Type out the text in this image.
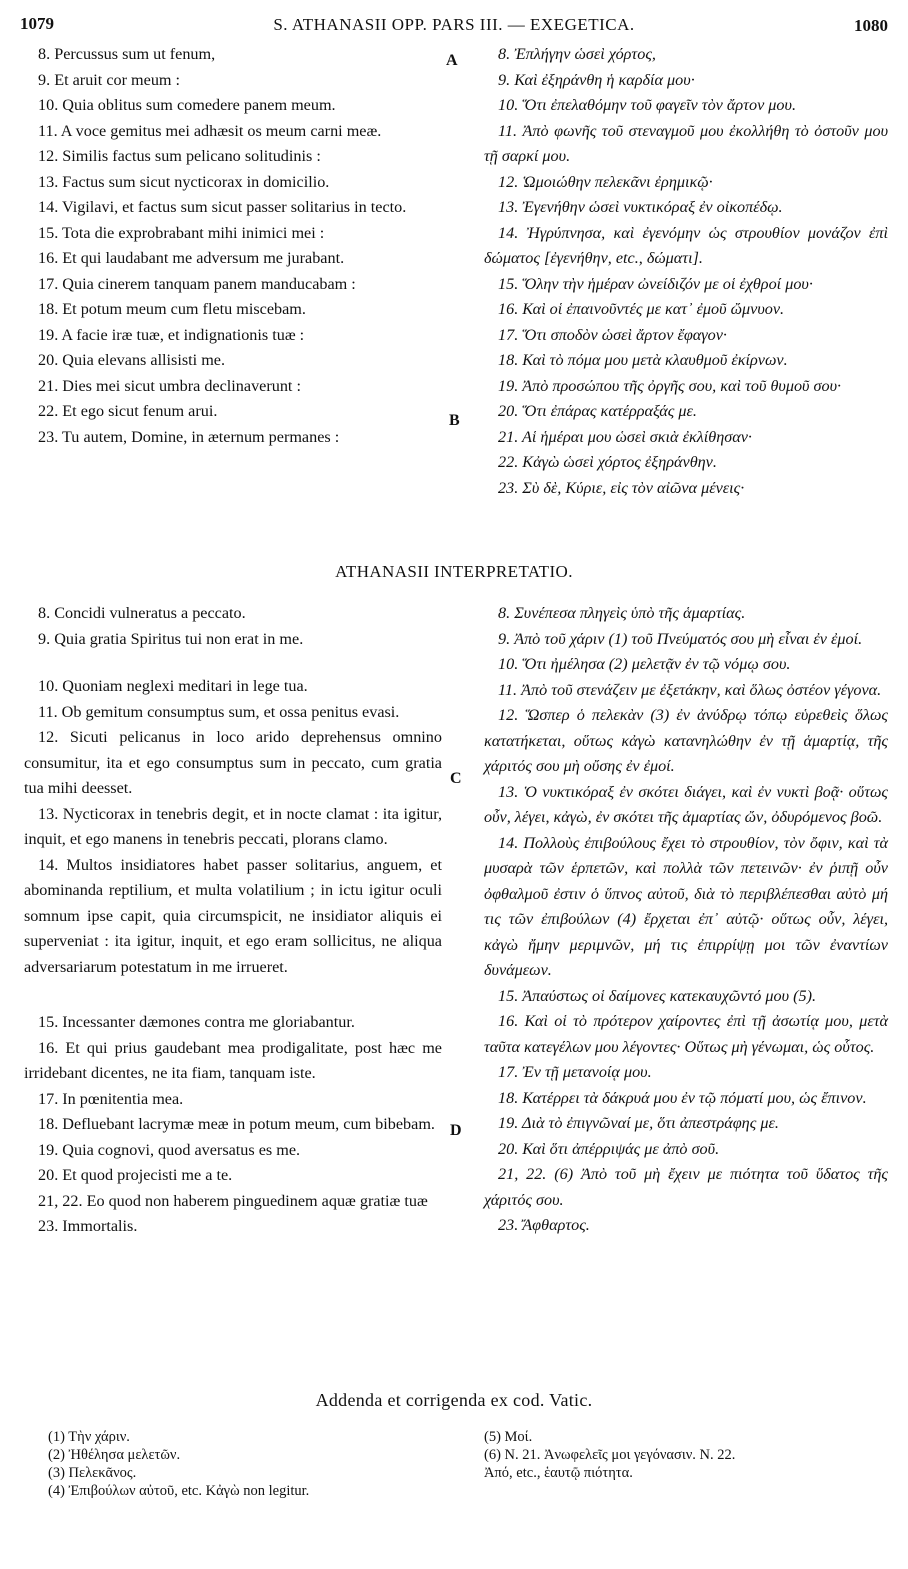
1079	S. ATHANASII OPP. PARS III. — EXEGETICA.	1080

8. Percussus sum ut fenum,

9. Et aruit cor meum :

10. Quia oblitus sum comedere panem meum.

11. A voce gemitus mei adhæsit os meum carni meæ.

12. Similis factus sum pelicano solitudinis :

13. Factus sum sicut nycticorax in domicilio.

14. Vigilavi, et factus sum sicut passer solitarius in tecto.

15. Tota die exprobrabant mihi inimici mei :

16. Et qui laudabant me adversum me jurabant.

17. Quia cinerem tanquam panem manducabam :

18. Et potum meum cum fletu miscebam.

19. A facie iræ tuæ, et indignationis tuæ :

20. Quia elevans allisisti me.

21. Dies mei sicut umbra declinaverunt :

22. Et ego sicut fenum arui.

23. Tu autem, Domine, in æternum permanes :

8. Ἐπλήγην ὡσεὶ χόρτος,

9. Καὶ ἐξηράνθη ἡ καρδία μου·

10. Ὅτι ἐπελαθόμην τοῦ φαγεῖν τὸν ἄρτον μου.

11. Ἀπὸ φωνῆς τοῦ στεναγμοῦ μου ἐκολλήθη τὸ ὀστοῦν μου τῇ σαρκί μου.

12. Ὡμοιώθην πελεκᾶνι ἐρημικῷ·

13. Ἐγενήθην ὡσεὶ νυκτικόραξ ἐν οἰκοπέδῳ.

14. Ἠγρύπνησα, καὶ ἐγενόμην ὡς στρουθίον μονάζον ἐπὶ δώματος [ἐγενήθην, etc., δώματι].

15. Ὅλην τὴν ἡμέραν ὠνείδιζόν με οἱ ἐχθροί μου·

16. Καὶ οἱ ἐπαινοῦντές με κατ᾽ ἐμοῦ ὤμνυον.

17. Ὅτι σποδὸν ὡσεὶ ἄρτον ἔφαγον·

18. Καὶ τὸ πόμα μου μετὰ κλαυθμοῦ ἐκίρνων.

19. Ἀπὸ προσώπου τῆς ὀργῆς σου, καὶ τοῦ θυμοῦ σου·

20. Ὅτι ἐπάρας κατέρραξάς με.

21. Αἱ ἡμέραι μου ὡσεὶ σκιὰ ἐκλίθησαν·

22. Κἀγὼ ὡσεὶ χόρτος ἐξηράνθην.

23. Σὺ δὲ, Κύριε, εἰς τὸν αἰῶνα μένεις·

A
B
ATHANASII INTERPRETATIO.

8. Concidi vulneratus a peccato.

9. Quia gratia Spiritus tui non erat in me.

10. Quoniam neglexi meditari in lege tua.

11. Ob gemitum consumptus sum, et ossa penitus evasi.

12. Sicuti pelicanus in loco arido deprehensus omnino consumitur, ita et ego consumptus sum in peccato, cum gratia tua mihi deesset.

13. Nycticorax in tenebris degit, et in nocte clamat : ita igitur, inquit, et ego manens in tenebris peccati, plorans clamo.

14. Multos insidiatores habet passer solitarius, anguem, et abominanda reptilium, et multa volatilium ; in ictu igitur oculi somnum ipse capit, quia circumspicit, ne insidiator aliquis ei superveniat : ita igitur, inquit, et ego eram sollicitus, ne aliqua adversariarum potestatum in me irrueret.

15. Incessanter dæmones contra me gloriabantur.

16. Et qui prius gaudebant mea prodigalitate, post hæc me irridebant dicentes, ne ita fiam, tanquam iste.

17. In pœnitentia mea.

18. Defluebant lacrymæ meæ in potum meum, cum bibebam.

19. Quia cognovi, quod aversatus es me.

20. Et quod projecisti me a te.

21, 22. Eo quod non haberem pinguedinem aquæ gratiæ tuæ

23. Immortalis.

8. Συνέπεσα πληγεὶς ὑπὸ τῆς ἁμαρτίας.

9. Ἀπὸ τοῦ χάριν (1) τοῦ Πνεύματός σου μὴ εἶναι ἐν ἐμοί.

10. Ὅτι ἠμέλησα (2) μελετᾷν ἐν τῷ νόμῳ σου.

11. Ἀπὸ τοῦ στενάζειν με ἐξετάκην, καὶ ὅλως ὀστέον γέγονα.

12. Ὥσπερ ὁ πελεκὰν (3) ἐν ἀνύδρῳ τόπῳ εὑρεθεὶς ὅλως κατατήκεται, οὕτως κἀγὼ κατανηλώθην ἐν τῇ ἁμαρτίᾳ, τῆς χάριτός σου μὴ οὔσης ἐν ἐμοί.

13. Ὁ νυκτικόραξ ἐν σκότει διάγει, καὶ ἐν νυκτὶ βοᾷ· οὕτως οὖν, λέγει, κἀγὼ, ἐν σκότει τῆς ἁμαρτίας ὤν, ὀδυρόμενος βοῶ.

14. Πολλοὺς ἐπιβούλους ἔχει τὸ στρουθίον, τὸν ὄφιν, καὶ τὰ μυσαρὰ τῶν ἑρπετῶν, καὶ πολλὰ τῶν πετεινῶν· ἐν ῥιπῇ οὖν ὀφθαλμοῦ ἐστιν ὁ ὕπνος αὐτοῦ, διὰ τὸ περιβλέπεσθαι αὐτὸ μή τις τῶν ἐπιβούλων (4) ἔρχεται ἐπ᾽ αὐτῷ· οὕτως οὖν, λέγει, κἀγὼ ἤμην μεριμνῶν, μή τις ἐπιρρίψῃ μοι τῶν ἐναντίων δυνάμεων.

15. Ἀπαύστως οἱ δαίμονες κατεκαυχῶντό μου (5).

16. Καὶ οἱ τὸ πρότερον χαίροντες ἐπὶ τῇ ἀσωτίᾳ μου, μετὰ ταῦτα κατεγέλων μου λέγοντες· Οὕτως μὴ γένωμαι, ὡς οὗτος.

17. Ἐν τῇ μετανοίᾳ μου.

18. Κατέρρει τὰ δάκρυά μου ἐν τῷ πόματί μου, ὡς ἔπινον.

19. Διὰ τὸ ἐπιγνῶναί με, ὅτι ἀπεστράφης με.

20. Καὶ ὅτι ἀπέρριψάς με ἀπὸ σοῦ.

21, 22. (6) Ἀπὸ τοῦ μὴ ἔχειν με πιότητα τοῦ ὕδατος τῆς χάριτός σου.

23. Ἄφθαρτος.

C
D
Addenda et corrigenda ex cod. Vatic.

(1) Τὴν χάριν.

(2) Ἠθέλησα μελετῶν.

(3) Πελεκᾶνος.

(4) Ἐπιβούλων αὐτοῦ, etc. Κἀγὼ non legitur.

(5) Μοί.

(6) N. 21. Ἀνωφελεῖς μοι γεγόνασιν. N. 22.

Ἀπό, etc., ἑαυτῷ πιότητα.
